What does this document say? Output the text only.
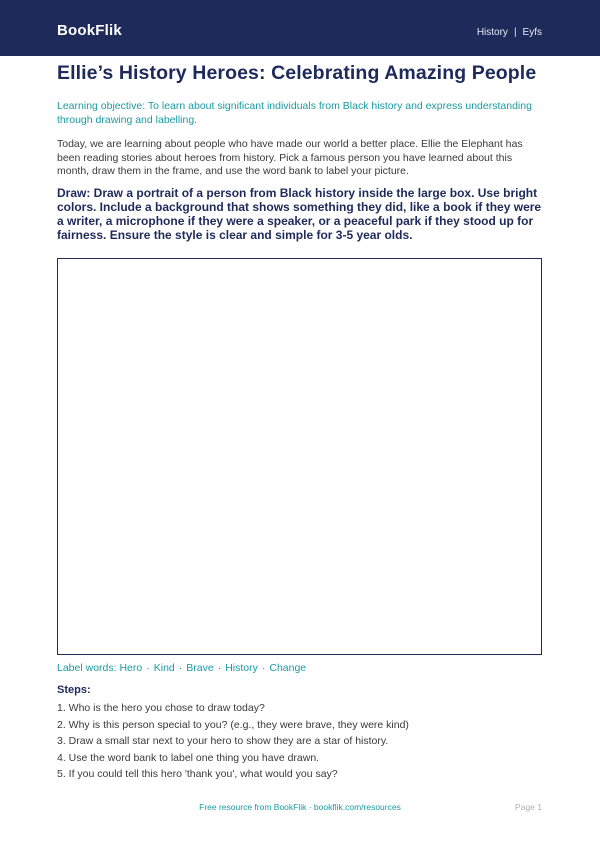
BookFlik	History | Eyfs
Ellie’s History Heroes: Celebrating Amazing People

Learning objective: To learn about significant individuals from Black history and express understanding through drawing and labelling.

Today, we are learning about people who have made our world a better place. Ellie the Elephant has been reading stories about heroes from history. Pick a famous person you have learned about this month, draw them in the frame, and use the word bank to label your picture.

Draw: Draw a portrait of a person from Black history inside the large box. Use bright colors. Include a background that shows something they did, like a book if they were a writer, a microphone if they were a speaker, or a peaceful park if they stood up for fairness. Ensure the style is clear and simple for 3-5 year olds.

Label words: Hero · Kind · Brave · History · Change
Steps:
1. Who is the hero you chose to draw today?
2. Why is this person special to you? (e.g., they were brave, they were kind)
3. Draw a small star next to your hero to show they are a star of history.
4. Use the word bank to label one thing you have drawn.
5. If you could tell this hero 'thank you', what would you say?
Free resource from BookFlik · bookflik.com/resources	Page 1
